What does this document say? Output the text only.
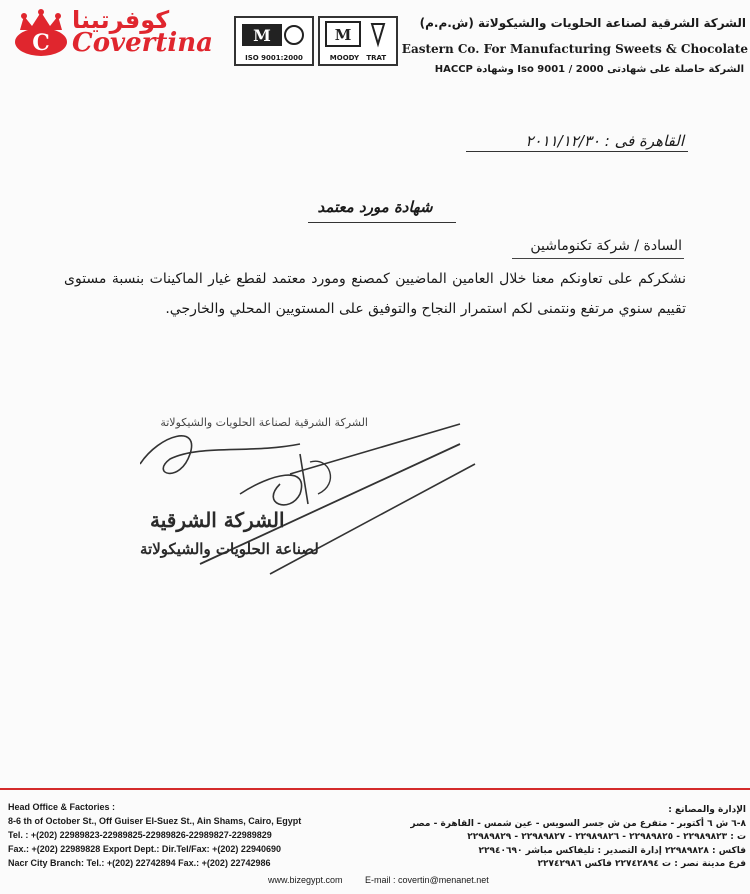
C
كوفرتينا
Covertina	M
ISO 9001:2000
M
MOODY TRAT
الشركة الشرقية لصناعة الحلويات والشيكولاتة (ش.م.م)
Eastern Co. For Manufacturing Sweets & Chocolate
الشركة حاصلة على شهادتى 2000 / Iso 9001 وشهادة HACCP
القاهرة فى : ٢٠١١/١٢/٣٠
شهادة مورد معتمد
السادة / شركة تكنوماشين
نشكركم على تعاونكم معنا خلال العامين الماضيين كمصنع ومورد معتمد لقطع غيار الماكينات بنسبة مستوى تقييم سنوي مرتفع ونتمنى لكم استمرار النجاح والتوفيق على المستويين المحلي والخارجي.
الشركة الشرقية لصناعة الحلويات والشيكولاتة
الشركة الشرقية
لصناعة الحلويات والشيكولاتة
Head Office & Factories :
8-6 th of October St., Off Guiser El-Suez St., Ain Shams, Cairo, Egypt
Tel. : +(202) 22989823-22989825-22989826-22989827-22989829
Fax.: +(202) 22989828 Export Dept.: Dir.Tel/Fax: +(202) 22940690
Nacr City Branch: Tel.: +(202) 22742894 Fax.: +(202) 22742986
الإدارة والمصانع :
٨-٦ ش ٦ أكتوبر - متفرع من ش جسر السويس - عين شمس - القاهرة - مصر
ت : ٢٢٩٨٩٨٢٣ - ٢٢٩٨٩٨٢٥ - ٢٢٩٨٩٨٢٦ - ٢٢٩٨٩٨٢٧ - ٢٢٩٨٩٨٢٩
فاكس : ٢٢٩٨٩٨٢٨ إدارة التصدير : تليفاكس مباشر ٢٢٩٤٠٦٩٠
فرع مدينة نصر : ت ٢٢٧٤٢٨٩٤ فاكس ٢٢٧٤٢٩٨٦
www.bizegypt.com	E-mail : covertin@menanet.net
